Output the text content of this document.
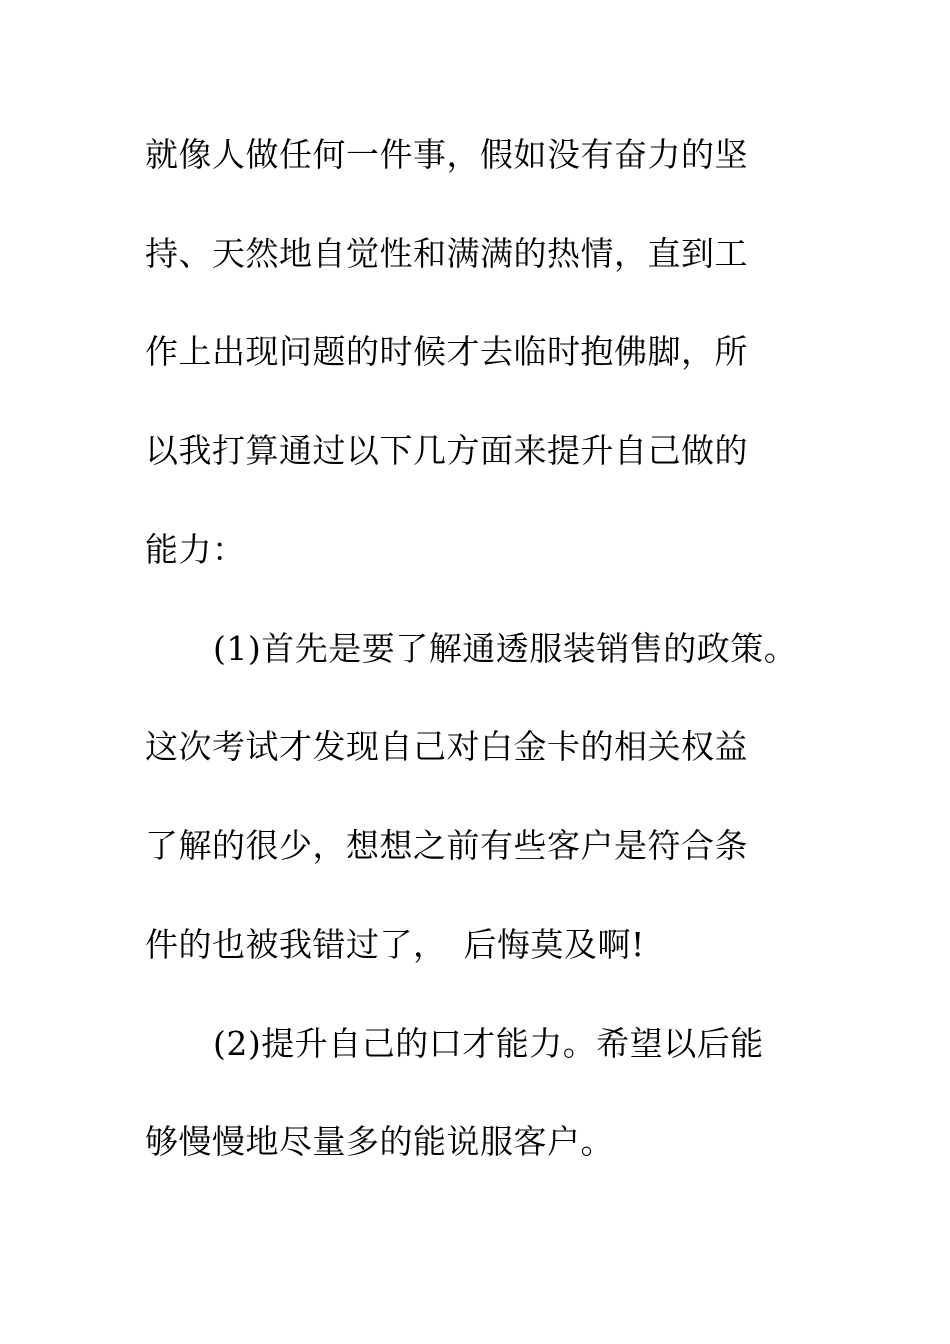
就像人做任何一件事，假如没有奋力的坚
持、天然地自觉性和满满的热情，直到工
作上出现问题的时候才去临时抱佛脚，所
以我打算通过以下几方面来提升自己做的
能力：
(1)首先是要了解通透服装销售的政策。
这次考试才发现自己对白金卡的相关权益
了解的很少，想想之前有些客户是符合条
件的也被我错过了，　后悔莫及啊!
(2)提升自己的口才能力。希望以后能
够慢慢地尽量多的能说服客户。
